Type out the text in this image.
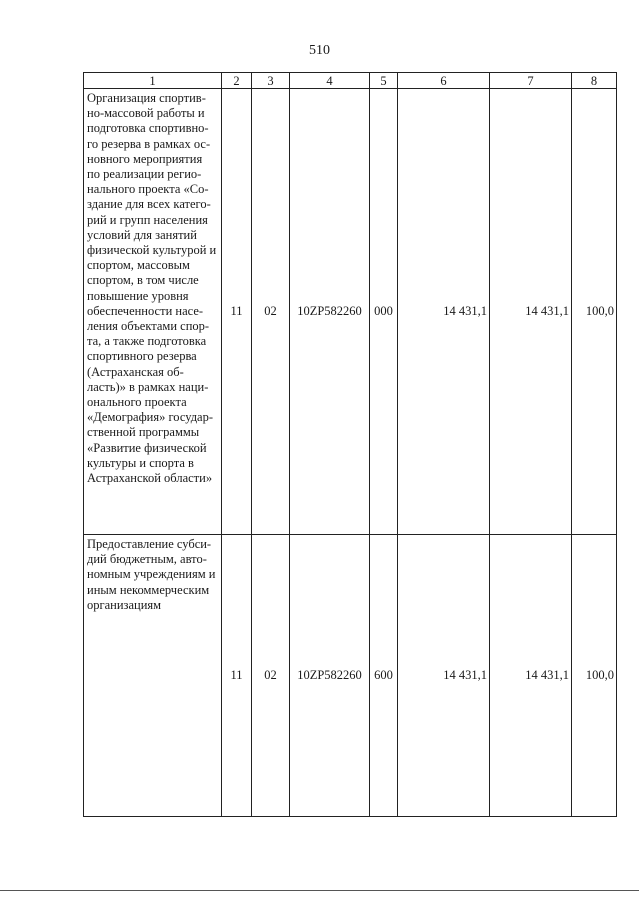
510
1	2	3	4	5	6	7	8
Организация спортив-но-массовой работы и подготовка спортивно-го резерва в рамках ос-новного мероприятия по реализации регио-нального проекта «Со-здание для всех катего-рий и групп населения условий для занятий физической культурой и спортом, массовым спортом, в том числе повышение уровня обеспеченности насе-ления объектами спор-та, а также подготовка спортивного резерва (Астраханская об-ласть)» в рамках наци-онального проекта «Демография» государ-ственной программы «Развитие физической культуры и спорта в Астраханской области»	11	02	10ZP582260	000	14 431,1	14 431,1	100,0
Предоставление субси-дий бюджетным, авто-номным учреждениям и иным некоммерческим организациям	11	02	10ZP582260	600	14 431,1	14 431,1	100,0
